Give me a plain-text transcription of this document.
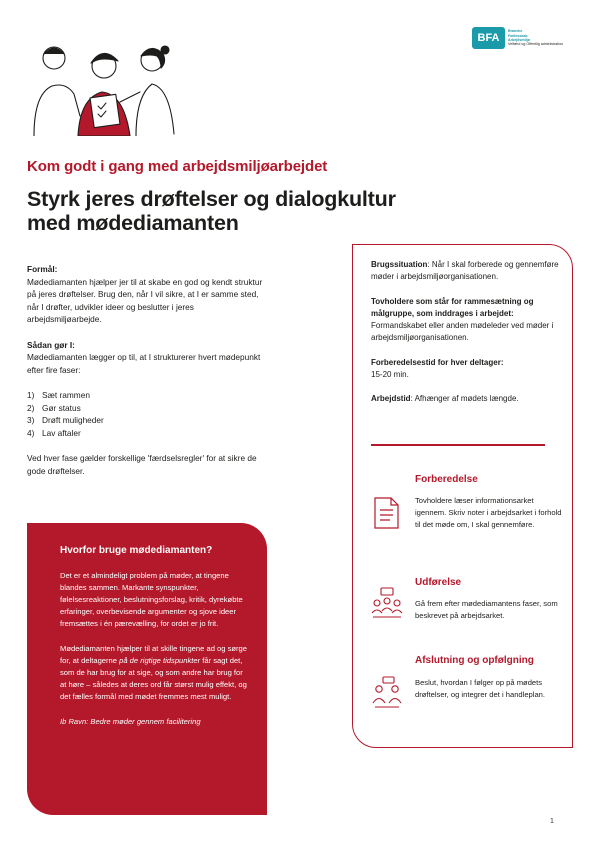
BFA
Branche
Fællesskab
Arbejdsmiljø
Velfærd og Offentlig administration
Kom godt i gang med arbejdsmiljøarbejdet
Styrk jeres drøftelser og dialogkultur
med mødediamanten
Formål:
Mødediamanten hjælper jer til at skabe en god og kendt struktur på jeres drøftelser. Brug den, når I vil sikre, at I er samme sted, når I drøfter, udvikler ideer og beslutter i jeres arbejdsmiljøarbejde.
Sådan gør I:
Mødediamanten lægger op til, at I strukturerer hvert mødepunkt efter fire faser:
1) Sæt rammen
2) Gør status
3) Drøft muligheder
4) Lav aftaler
Ved hver fase gælder forskellige 'færdselsregler' for at sikre de gode drøftelser.
Hvorfor bruge mødediamanten?

Det er et almindeligt problem på møder, at tingene blandes sammen. Markante synspunkter, følelsesreaktioner, beslutningsforslag, kritik, dyrekøbte erfaringer, overbevisende argumenter og sjove ideer fremsættes i én pærevælling, for ordet er jo frit.

Mødediamanten hjælper til at skille tingene ad og sørge for, at deltagerne på de rigtige tidspunkter får sagt det, som de har brug for at sige, og som andre har brug for at høre – således at deres ord får størst mulig effekt, og det fælles formål med mødet fremmes mest muligt.

Ib Ravn: Bedre møder gennem facilitering

Brugssituation: Når I skal forberede og gennemføre møder i arbejdsmiljøorganisationen.

Tovholdere som står for rammesætning og målgruppe, som inddrages i arbejdet: Formandskabet eller anden mødeleder ved møder i arbejdsmiljøorganisationen.

Forberedelsestid for hver deltager:
15-20 min.

Arbejdstid: Afhænger af mødets længde.

Forberedelse
Tovholdere læser informationsarket igennem. Skriv noter i arbejdsarket i forhold til det møde om, I skal gennemføre.
Udførelse
Gå frem efter mødediamantens faser, som beskrevet på arbejdsarket.
Afslutning og opfølgning
Beslut, hvordan I følger op på mødets drøftelser, og integrer det i handleplan.
1
